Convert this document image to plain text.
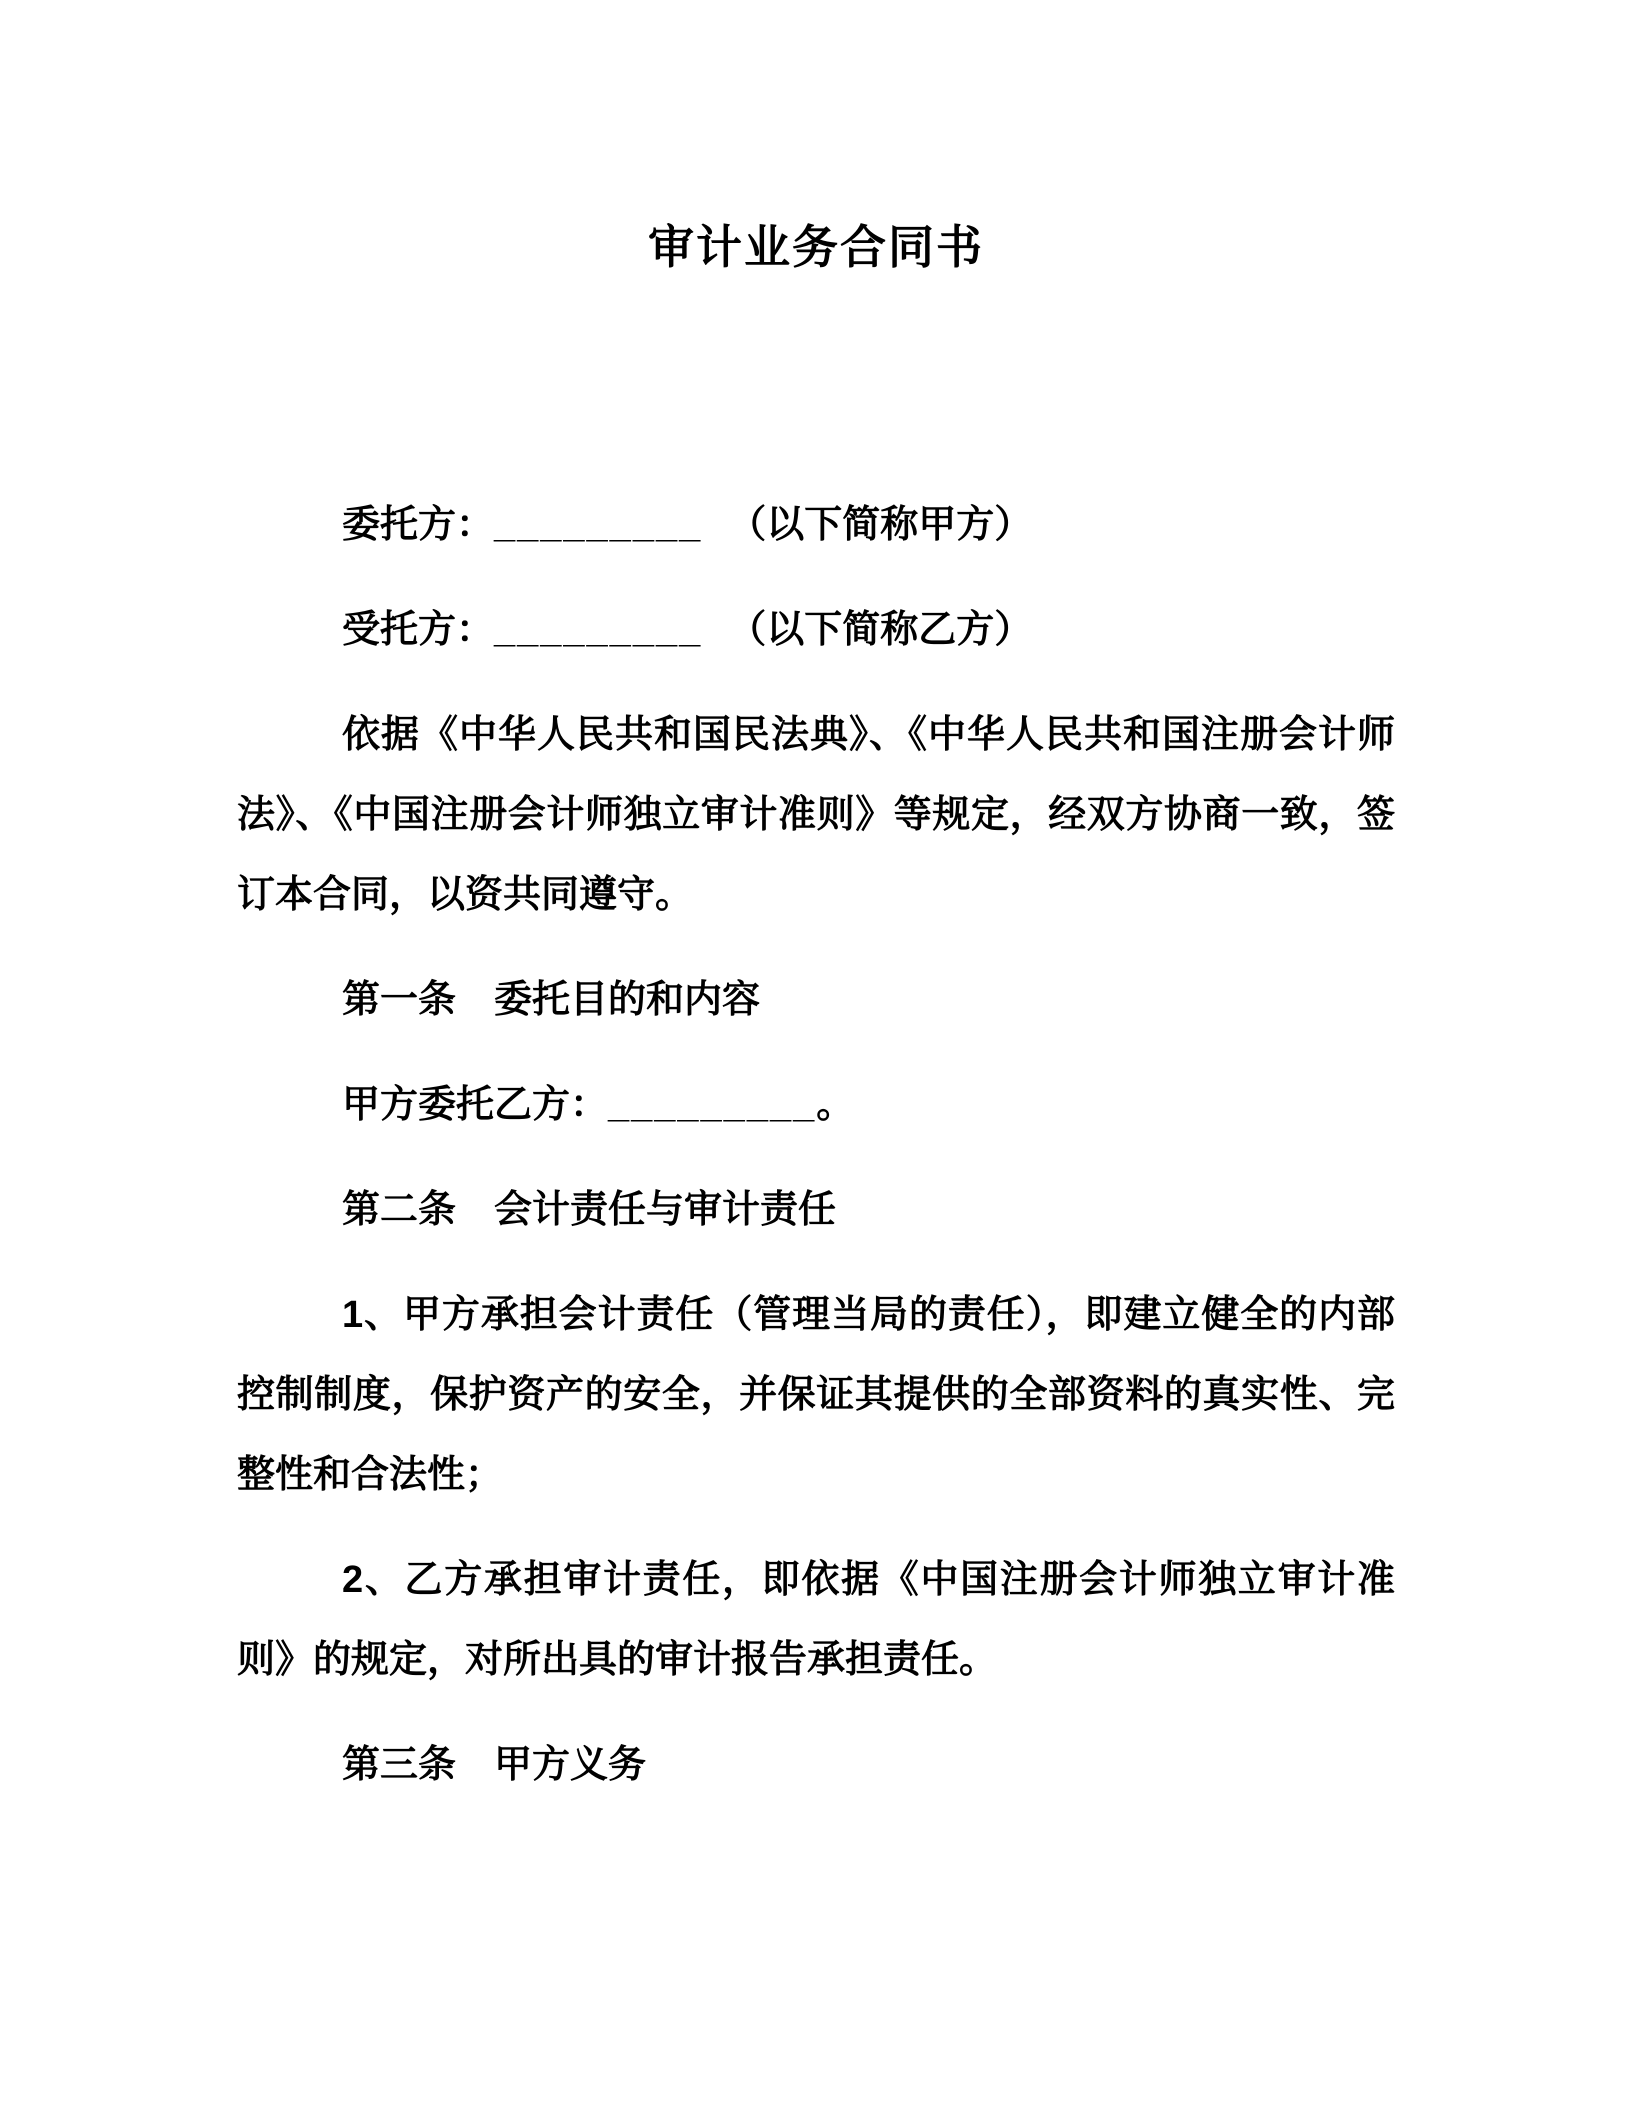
审计业务合同书

委托方：_________ （以下简称甲方）

受托方：_________ （以下简称乙方）

依据《中华人民共和国民法典》、《中华人民共和国注册会计师法》、《中国注册会计师独立审计准则》等规定，经双方协商一致，签订本合同，以资共同遵守。

第一条　委托目的和内容

甲方委托乙方：_________。

第二条　会计责任与审计责任

1、甲方承担会计责任（管理当局的责任），即建立健全的内部控制制度，保护资产的安全，并保证其提供的全部资料的真实性、完整性和合法性；

2、乙方承担审计责任，即依据《中国注册会计师独立审计准则》的规定，对所出具的审计报告承担责任。

第三条　甲方义务
